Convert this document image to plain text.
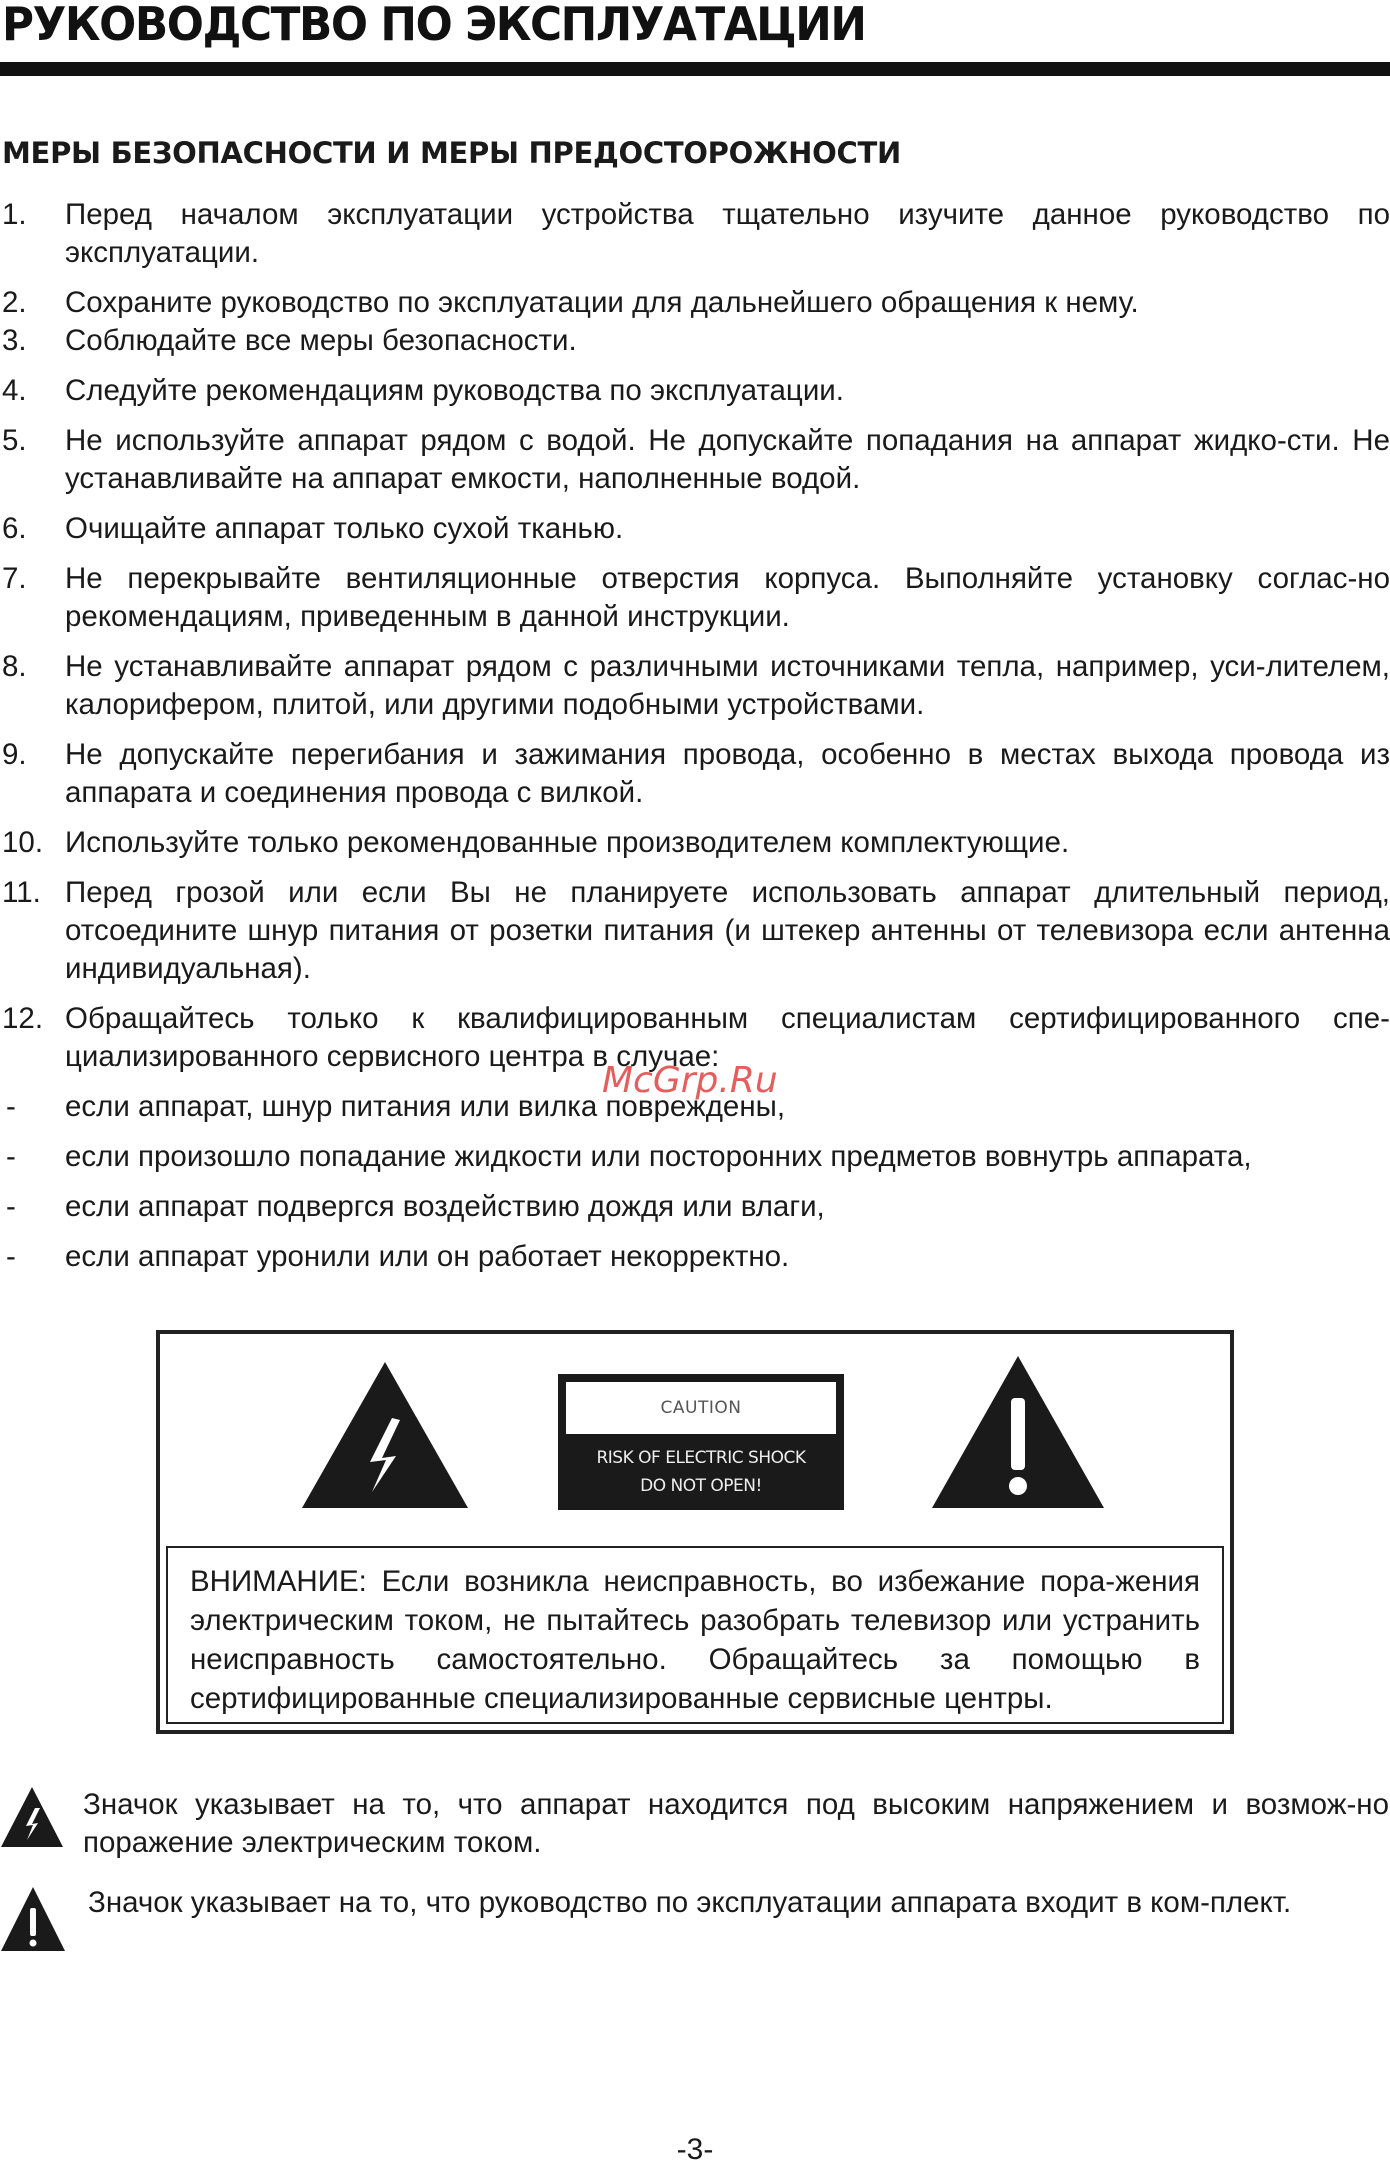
РУКОВОДСТВО ПО ЭКСПЛУАТАЦИИ
МЕРЫ БЕЗОПАСНОСТИ И МЕРЫ ПРЕДОСТОРОЖНОСТИ
1.	Перед началом эксплуатации устройства тщательно изучите данное руководство по эксплуатации.
2.	Сохраните руководство по эксплуатации для дальнейшего обращения к нему.
3.	Соблюдайте все меры безопасности.
4.	Следуйте рекомендациям руководства по эксплуатации.
5.	Не используйте аппарат рядом с водой. Не допускайте попадания на аппарат жидко-сти. Не устанавливайте на аппарат емкости, наполненные водой.
6.	Очищайте аппарат только сухой тканью.
7.	Не перекрывайте вентиляционные отверстия корпуса. Выполняйте установку соглас-но рекомендациям, приведенным в данной инструкции.
8.	Не устанавливайте аппарат рядом с различными источниками тепла, например, уси-лителем, калорифером, плитой, или другими подобными устройствами.
9.	Не допускайте перегибания и зажимания провода, особенно в местах выхода провода из аппарата и соединения провода с вилкой.
10. Используйте только рекомендованные производителем комплектующие.
11. Перед грозой или если Вы не планируете использовать аппарат длительный период, отсоедините шнур питания от розетки питания (и штекер антенны от телевизора если антенна индивидуальная).
12. Обращайтесь только к квалифицированным специалистам сертифицированного спе-циализированного сервисного центра в случае:
-	если аппарат, шнур питания или вилка повреждены,
-	если произошло попадание жидкости или посторонних предметов вовнутрь аппарата,
-	если аппарат подвергся воздействию дождя или влаги,
-	если аппарат уронили или он работает некорректно.
McGrp.Ru
CAUTION
RISK OF ELECTRIC SHOCK
DO NOT OPEN!
ВНИМАНИЕ: Если возникла неисправность, во избежание пора-жения электрическим током, не пытайтесь разобрать телевизор или устранить неисправность самостоятельно. Обращайтесь за помощью в сертифицированные специализированные сервисные центры.
Значок указывает на то, что аппарат находится под высоким напряжением и возмож-но поражение электрическим током.
Значок указывает на то, что руководство по эксплуатации аппарата входит в ком-плект.
-3-
